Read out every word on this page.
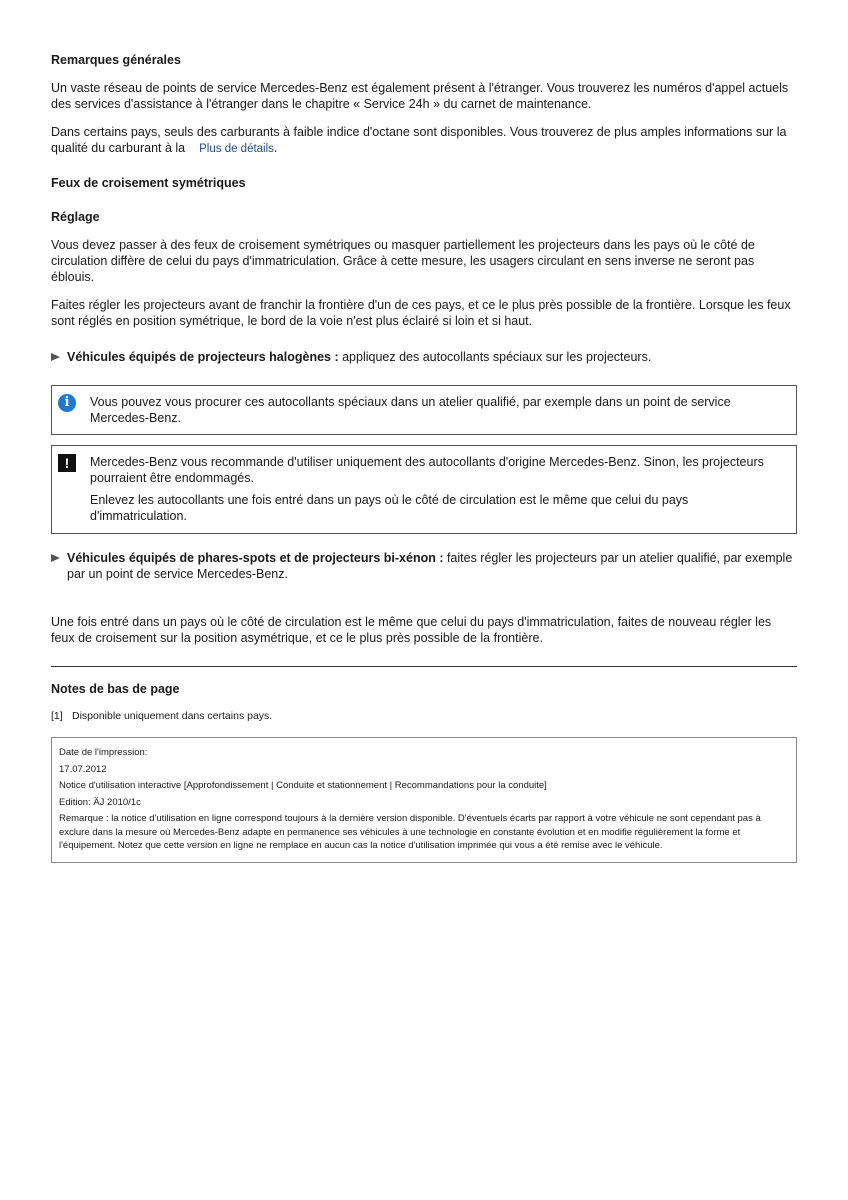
Remarques générales

Un vaste réseau de points de service Mercedes-Benz est également présent à l'étranger. Vous trouverez les numéros d'appel actuels des services d'assistance à l'étranger dans le chapitre « Service 24h » du carnet de maintenance.

Dans certains pays, seuls des carburants à faible indice d'octane sont disponibles. Vous trouverez de plus amples informations sur la qualité du carburant à la Plus de détails.

Feux de croisement symétriques
Réglage

Vous devez passer à des feux de croisement symétriques ou masquer partiellement les projecteurs dans les pays où le côté de circulation diffère de celui du pays d'immatriculation. Grâce à cette mesure, les usagers circulant en sens inverse ne seront pas éblouis.

Faites régler les projecteurs avant de franchir la frontière d'un de ces pays, et ce le plus près possible de la frontière. Lorsque les feux sont réglés en position symétrique, le bord de la voie n'est plus éclairé si loin et si haut.

Véhicules équipés de projecteurs halogènes : appliquez des autocollants spéciaux sur les projecteurs.
i	Vous pouvez vous procurer ces autocollants spéciaux dans un atelier qualifié, par exemple dans un point de service Mercedes-Benz.

!	Mercedes-Benz vous recommande d'utiliser uniquement des autocollants d'origine Mercedes-Benz. Sinon, les projecteurs pourraient être endommagés.

Enlevez les autocollants une fois entré dans un pays où le côté de circulation est le même que celui du pays d'immatriculation.

Véhicules équipés de phares-spots et de projecteurs bi-xénon : faites régler les projecteurs par un atelier qualifié, par exemple par un point de service Mercedes-Benz.

Une fois entré dans un pays où le côté de circulation est le même que celui du pays d'immatriculation, faites de nouveau régler les feux de croisement sur la position asymétrique, et ce le plus près possible de la frontière.

Notes de bas de page
[1] Disponible uniquement dans certains pays.
Date de l'impression:
17.07.2012
Notice d'utilisation interactive [Approfondissement | Conduite et stationnement | Recommandations pour la conduite]
Edition: ÄJ 2010/1c
Remarque : la notice d'utilisation en ligne correspond toujours à la dernière version disponible. D'éventuels écarts par rapport à votre véhicule ne sont cependant pas à exclure dans la mesure où Mercedes-Benz adapte en permanence ses véhicules à une technologie en constante évolution et en modifie régulièrement la forme et l'équipement. Notez que cette version en ligne ne remplace en aucun cas la notice d'utilisation imprimée qui vous a été remise avec le véhicule.
